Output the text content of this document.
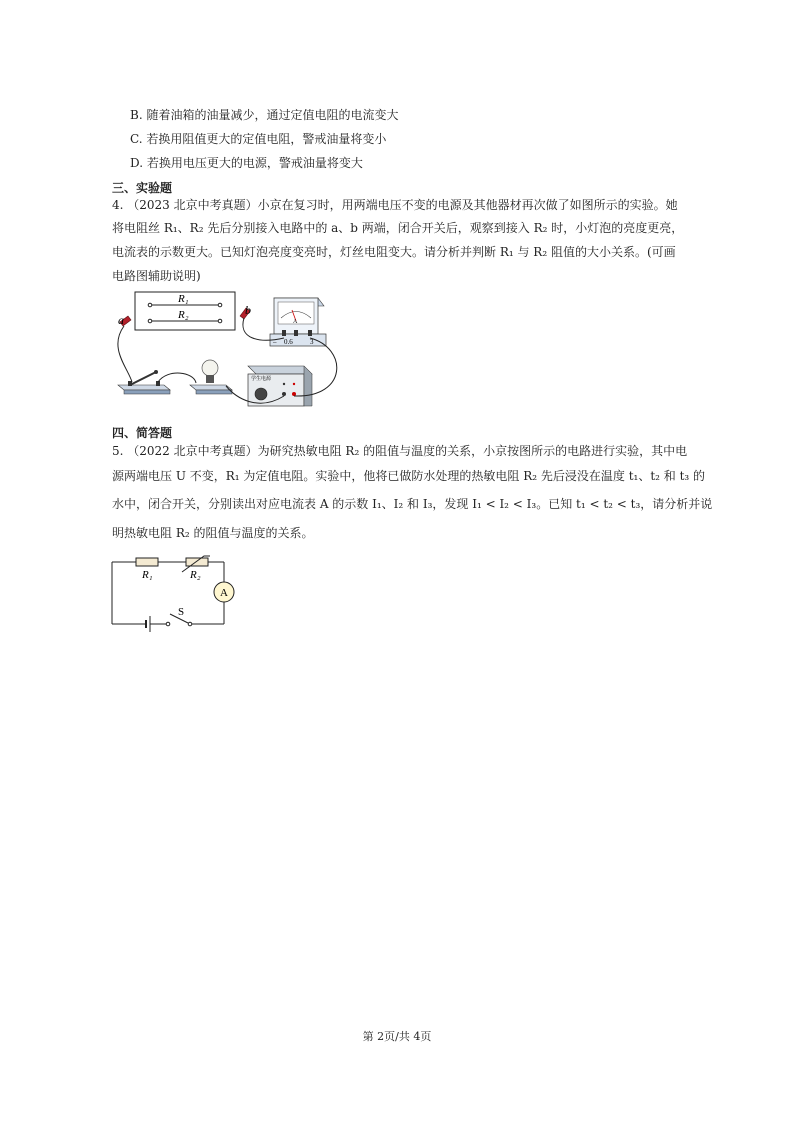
B. 随着油箱的油量减少，通过定值电阻的电流变大
C. 若换用阻值更大的定值电阻，警戒油量将变小
D. 若换用电压更大的电源，警戒油量将变大
三、实验题
4. （2023 北京中考真题）小京在复习时，用两端电压不变的电源及其他器材再次做了如图所示的实验。她
将电阻丝 R₁、R₂ 先后分别接入电路中的 a、b 两端，闭合开关后，观察到接入 R₂ 时，小灯泡的亮度更亮，
电流表的示数更大。已知灯泡亮度变亮时，灯丝电阻变大。请分析并判断 R₁ 与 R₂ 阻值的大小关系。(可画
电路图辅助说明)
R₁
R₂
a
b
A
– 0.6 3
学生电源
四、简答题
5. （2022 北京中考真题）为研究热敏电阻 R₂ 的阻值与温度的关系，小京按图所示的电路进行实验，其中电
源两端电压 U 不变，R₁ 为定值电阻。实验中，他将已做防水处理的热敏电阻 R₂ 先后浸没在温度 t₁、t₂ 和 t₃ 的
水中，闭合开关，分别读出对应电流表 A 的示数 I₁、I₂ 和 I₃，发现 I₁ < I₂ < I₃。已知 t₁ < t₂ < t₃，请分析并说
明热敏电阻 R₂ 的阻值与温度的关系。
A
S
R₁	R₂
第 2页/共 4页
